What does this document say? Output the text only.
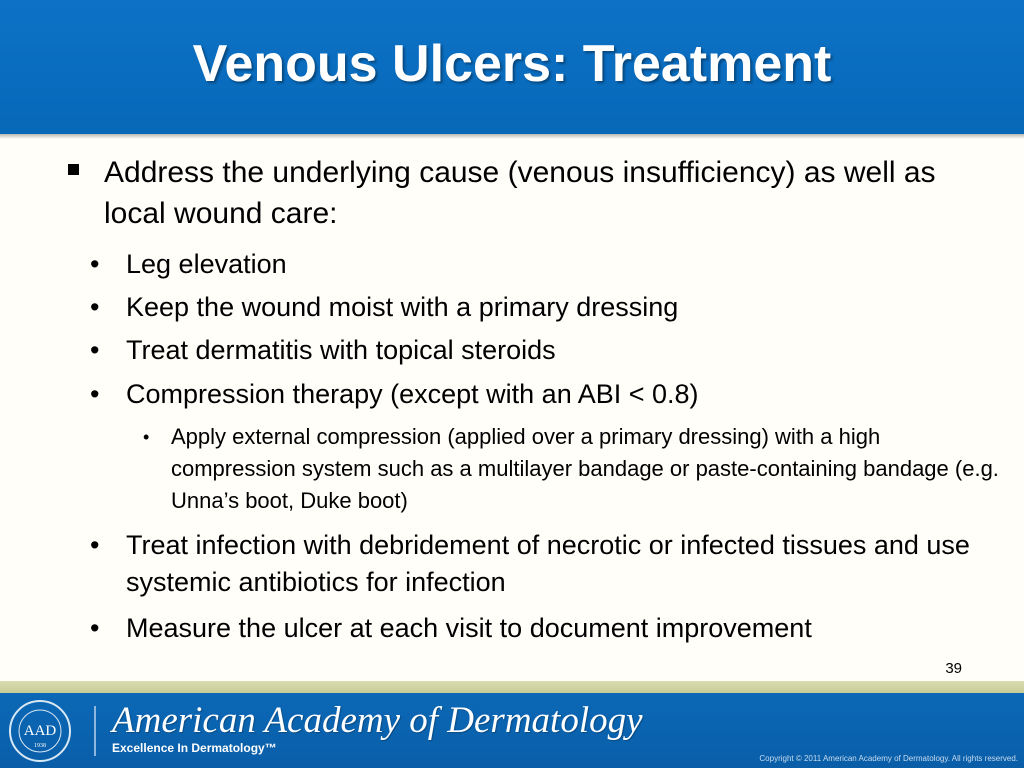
Venous Ulcers: Treatment
Address the underlying cause (venous insufficiency) as well as local wound care:
• Leg elevation
• Keep the wound moist with a primary dressing
• Treat dermatitis with topical steroids
• Compression therapy (except with an ABI < 0.8)
• Apply external compression (applied over a primary dressing) with a high compression system such as a multilayer bandage or paste-containing bandage (e.g. Unna’s boot, Duke boot)
• Treat infection with debridement of necrotic or infected tissues and use systemic antibiotics for infection
• Measure the ulcer at each visit to document improvement
39
AAD
1938
American Academy of Dermatology
Excellence In Dermatology™
Copyright © 2011 American Academy of Dermatology. All rights reserved.
